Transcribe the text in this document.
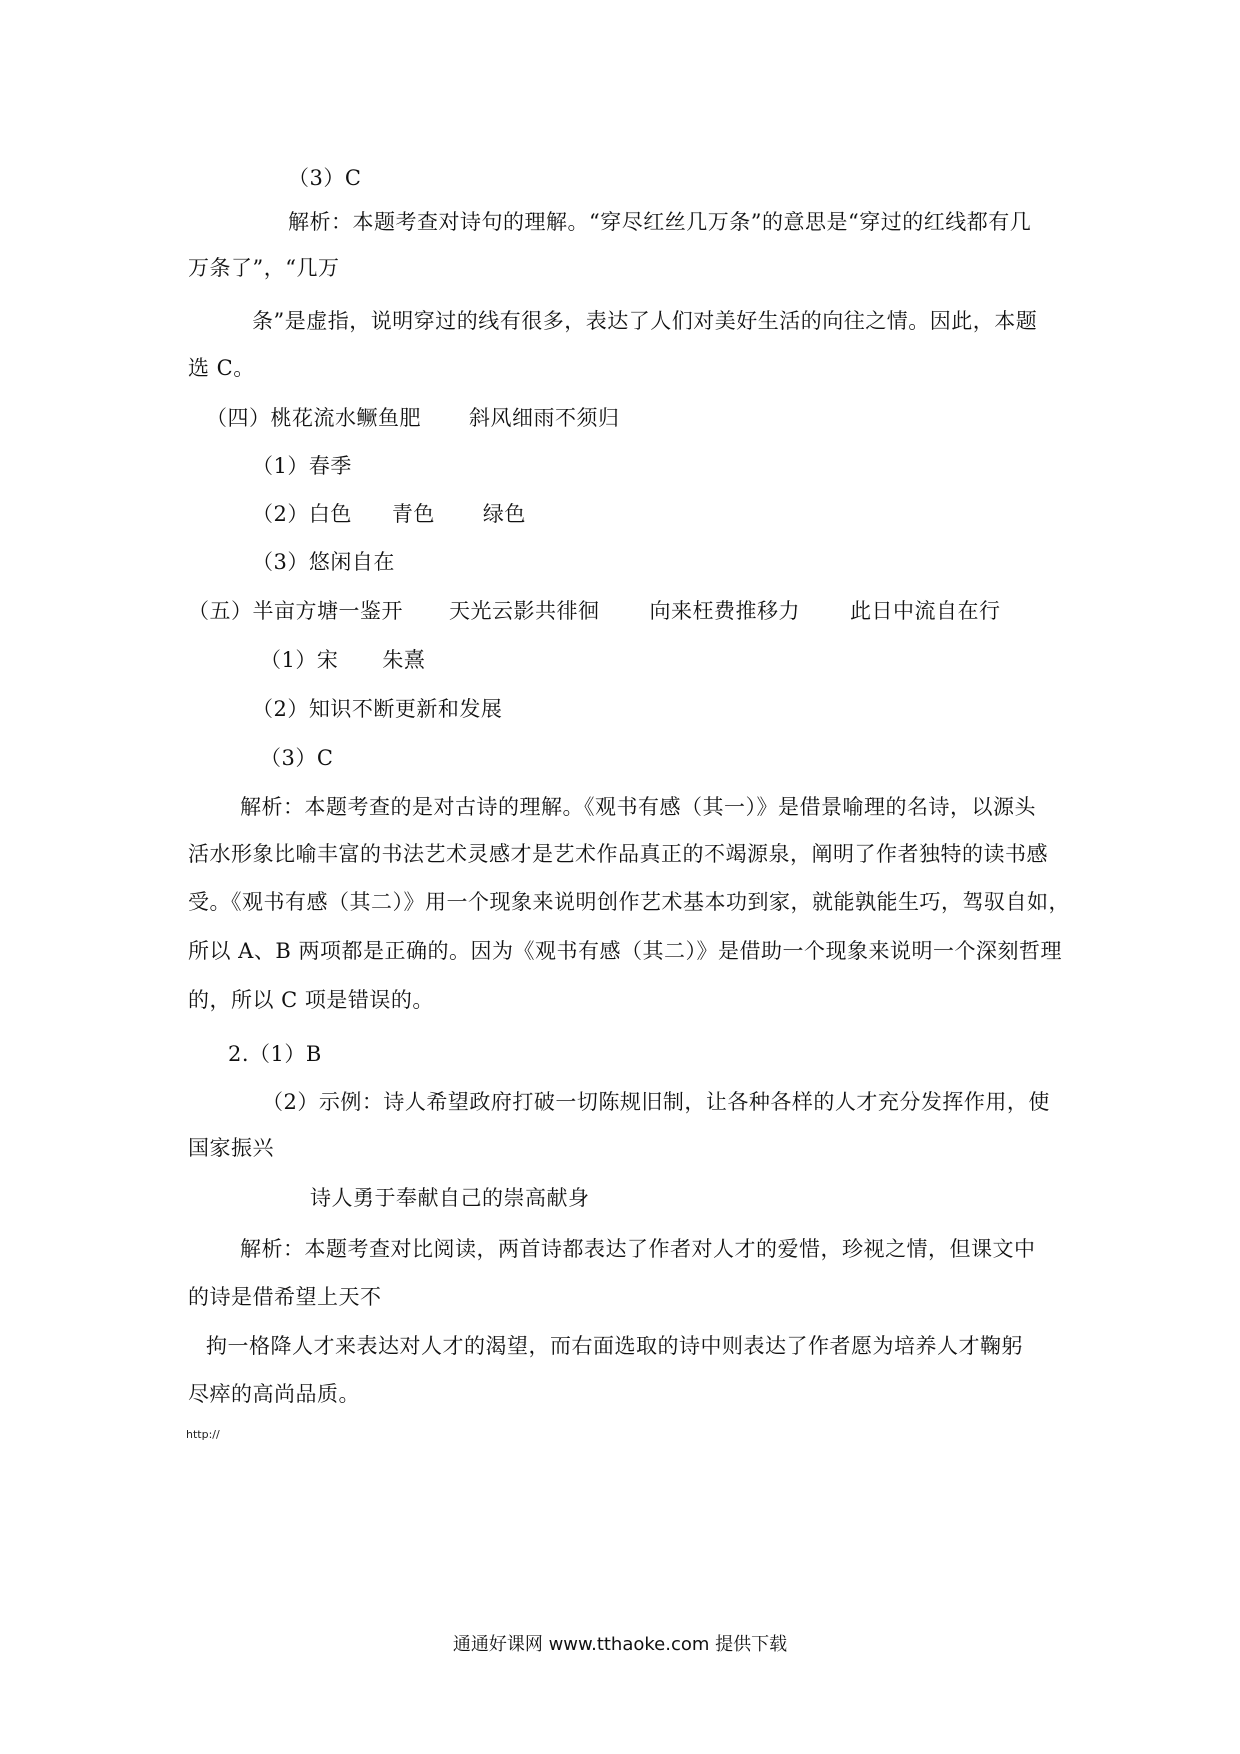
（3）C
解析：本题考查对诗句的理解。“穿尽红丝几万条”的意思是“穿过的红线都有几
万条了”，“几万
条”是虚指，说明穿过的线有很多，表达了人们对美好生活的向往之情。因此，本题
选 C。
（四）桃花流水鳜鱼肥 斜风细雨不须归
（1）春季
（2）白色 青色 绿色
（3）悠闲自在
（五）半亩方塘一鉴开 天光云影共徘徊 向来枉费推移力 此日中流自在行
（1）宋 朱熹
（2）知识不断更新和发展
（3）C
解析：本题考查的是对古诗的理解。《观书有感（其一）》是借景喻理的名诗，以源头
活水形象比喻丰富的书法艺术灵感才是艺术作品真正的不竭源泉，阐明了作者独特的读书感
受。《观书有感（其二）》用一个现象来说明创作艺术基本功到家，就能孰能生巧，驾驭自如，
所以 A、B 两项都是正确的。因为《观书有感（其二）》是借助一个现象来说明一个深刻哲理
的，所以 C 项是错误的。
2.（1）B
（2）示例：诗人希望政府打破一切陈规旧制，让各种各样的人才充分发挥作用，使
国家振兴
诗人勇于奉献自己的崇高献身
解析：本题考查对比阅读，两首诗都表达了作者对人才的爱惜，珍视之情，但课文中
的诗是借希望上天不
拘一格降人才来表达对人才的渴望，而右面选取的诗中则表达了作者愿为培养人才鞠躬
尽瘁的高尚品质。
http://
通通好课网 www.tthaoke.com 提供下载
